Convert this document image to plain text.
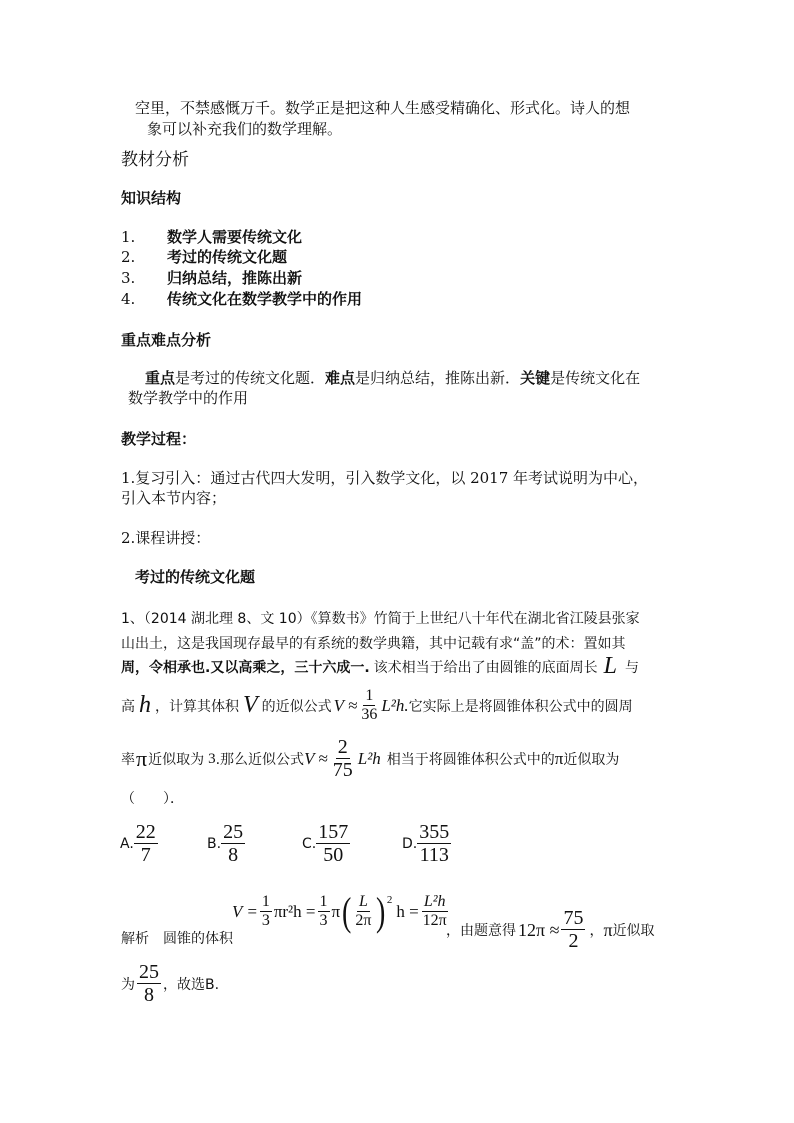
空里，不禁感慨万千。数学正是把这种人生感受精确化、形式化。诗人的想
象可以补充我们的数学理解。
教材分析
知识结构
1. 数学人需要传统文化
2. 考过的传统文化题
3. 归纳总结，推陈出新
4. 传统文化在数学教学中的作用
重点难点分析
重点是考过的传统文化题．难点是归纳总结，推陈出新．关键是传统文化在
数学教学中的作用
教学过程：
1.复习引入：通过古代四大发明，引入数学文化，以 2017 年考试说明为中心，
引入本节内容；
2.课程讲授：
考过的传统文化题
1、（2014 湖北理 8、文 10）《算数书》竹简于上世纪八十年代在湖北省江陵县张家
山出土，这是我国现存最早的有系统的数学典籍，其中记载有求“盖”的术：置如其
周，令相承也.又以高乘之，三十六成一. 该术相当于给出了由圆锥的底面周长 L 与
高 h ，计算其体积 V 的近似公式 $V \approx \frac{1}{36} L^2h$. 它实际上是将圆锥体积公式中的圆周
率 π 近似取为 3 .那么近似公式 $V \approx \frac{2}{75} L^2h$ 相当于将圆锥体积公式中的 π 近似取为
（　　）．
A. $\frac{22}{7}$	B. $\frac{25}{8}$	C. $\frac{157}{50}$	D. $\frac{355}{113}$
解析　圆锥的体积
$V = \frac{1}{3} \pi r^2h = \frac{1}{3}$ π ( $\frac{L}{2\pi} )^2$
$h = \frac{\text{L²h}}{12\pi}$
，由题意得 $12\pi \approx \frac{75}{2}$ ， π 近似取
为 $\frac{25}{8}$ ，故选B.
